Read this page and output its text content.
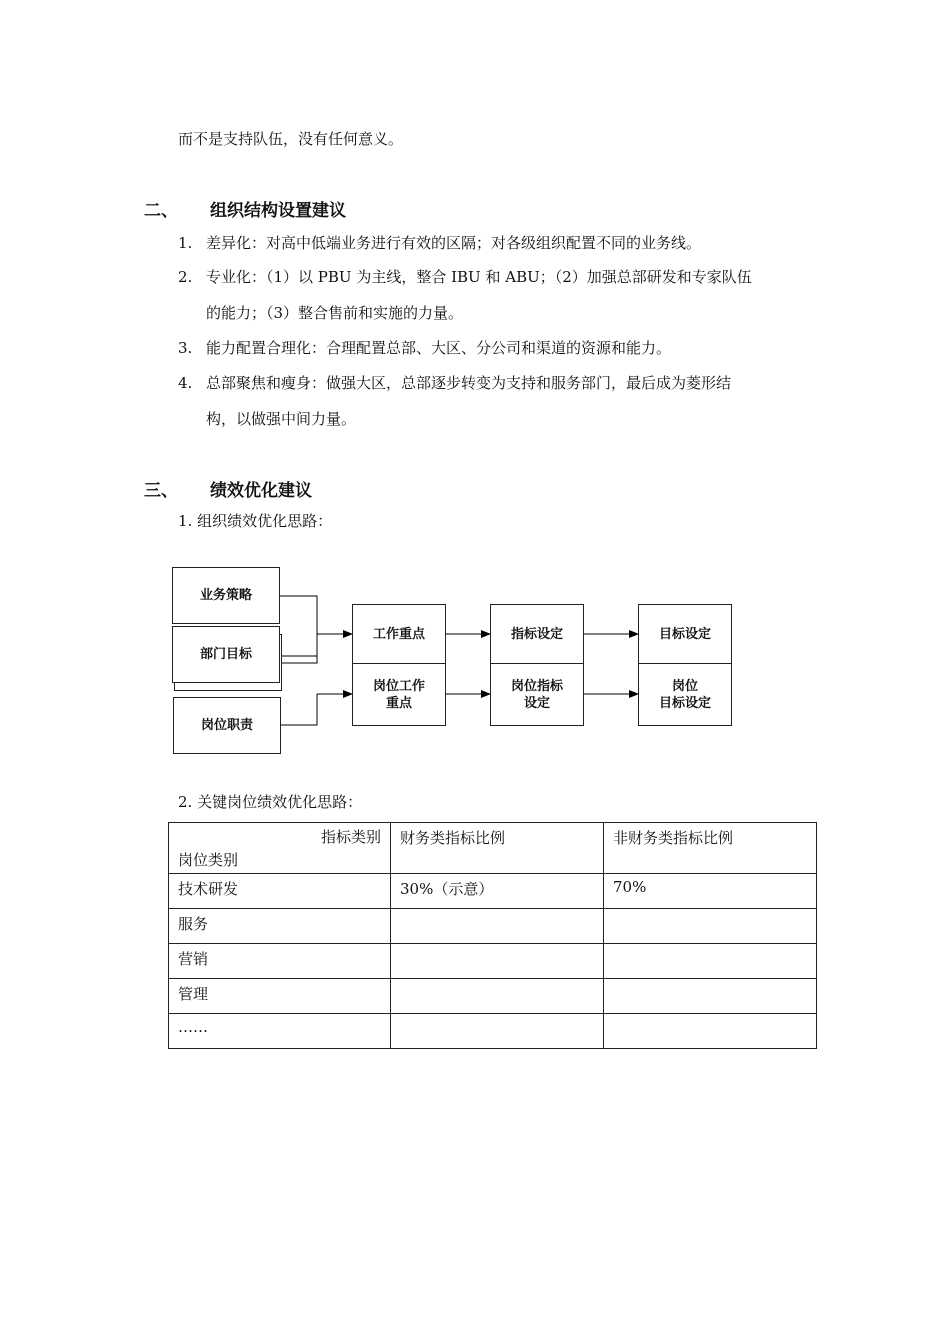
而不是支持队伍，没有任何意义。
二、 组织结构设置建议
1. 差异化：对高中低端业务进行有效的区隔；对各级组织配置不同的业务线。
2. 专业化：（1）以 PBU 为主线，整合 IBU 和 ABU；（2）加强总部研发和专家队伍
的能力；（3）整合售前和实施的力量。
3. 能力配置合理化：合理配置总部、大区、分公司和渠道的资源和能力。
4. 总部聚焦和瘦身：做强大区，总部逐步转变为支持和服务部门，最后成为菱形结
构，以做强中间力量。
三、 绩效优化建议
1. 组织绩效优化思路：
业务策略
部门目标
岗位职责
工作重点
岗位工作
重点
指标设定
岗位指标
设定
目标设定
岗位
目标设定
2. 关键岗位绩效优化思路：
指标类别
岗位类别	财务类指标比例	非财务类指标比例
技术研发	30%（示意）	70%
服务		
营销		
管理		
……		
